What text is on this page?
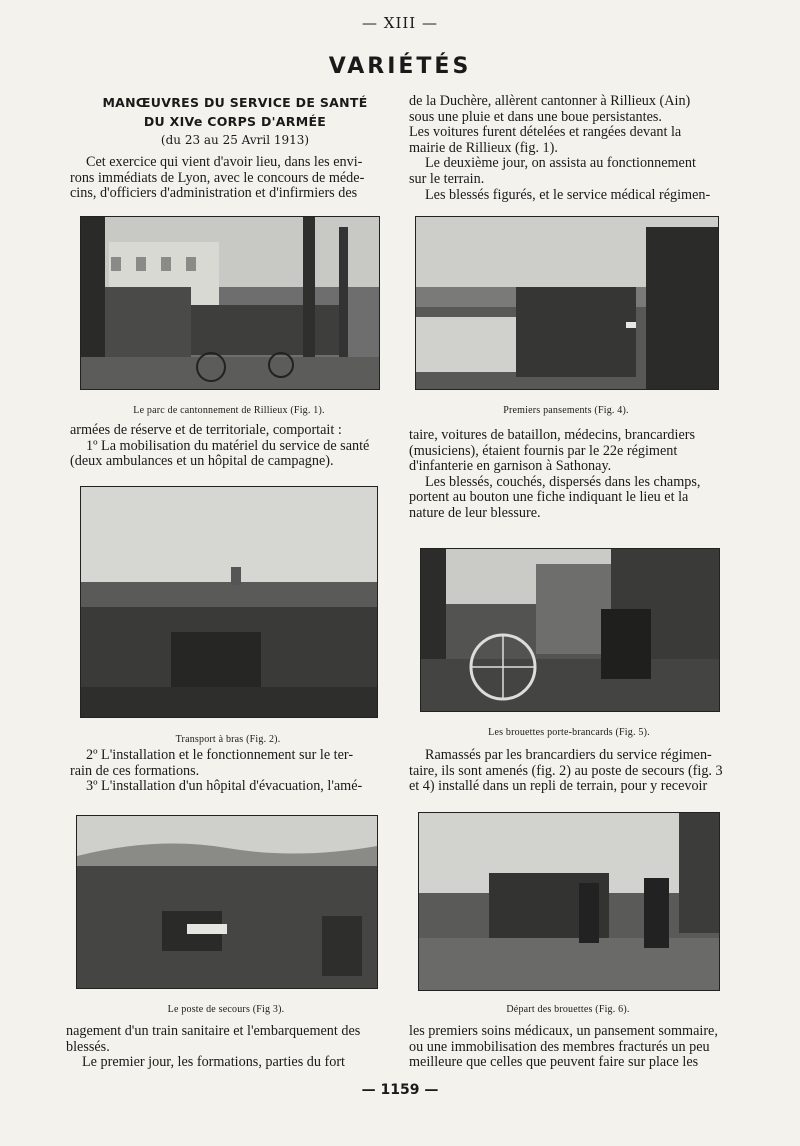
— XIII —
VARIÉTÉS
MANŒUVRES DU SERVICE DE SANTÉ
DU XIVe CORPS D'ARMÉE
(du 23 au 25 Avril 1913)
Cet exercice qui vient d'avoir lieu, dans les envi-
rons immédiats de Lyon, avec le concours de méde-
cins, d'officiers d'administration et d'infirmiers des
Le parc de cantonnement de Rillieux (Fig. 1).
armées de réserve et de territoriale, comportait :
1º La mobilisation du matériel du service de santé
(deux ambulances et un hôpital de campagne).
Transport à bras (Fig. 2).
2º L'installation et le fonctionnement sur le ter-
rain de ces formations.
3º L'installation d'un hôpital d'évacuation, l'amé-
Le poste de secours (Fig 3).
nagement d'un train sanitaire et l'embarquement des
blessés.
Le premier jour, les formations, parties du fort
de la Duchère, allèrent cantonner à Rillieux (Ain)
sous une pluie et dans une boue persistantes.
Les voitures furent dételées et rangées devant la
mairie de Rillieux (fig. 1).
Le deuxième jour, on assista au fonctionnement
sur le terrain.
Les blessés figurés, et le service médical régimen-
Premiers pansements (Fig. 4).
taire, voitures de bataillon, médecins, brancardiers
(musiciens), étaient fournis par le 22e régiment
d'infanterie en garnison à Sathonay.
Les blessés, couchés, dispersés dans les champs,
portent au bouton une fiche indiquant le lieu et la
nature de leur blessure.
Les brouettes porte-brancards (Fig. 5).
Ramassés par les brancardiers du service régimen-
taire, ils sont amenés (fig. 2) au poste de secours (fig. 3
et 4) installé dans un repli de terrain, pour y recevoir
Départ des brouettes (Fig. 6).
les premiers soins médicaux, un pansement sommaire,
ou une immobilisation des membres fracturés un peu
meilleure que celles que peuvent faire sur place les
— 1159 —
